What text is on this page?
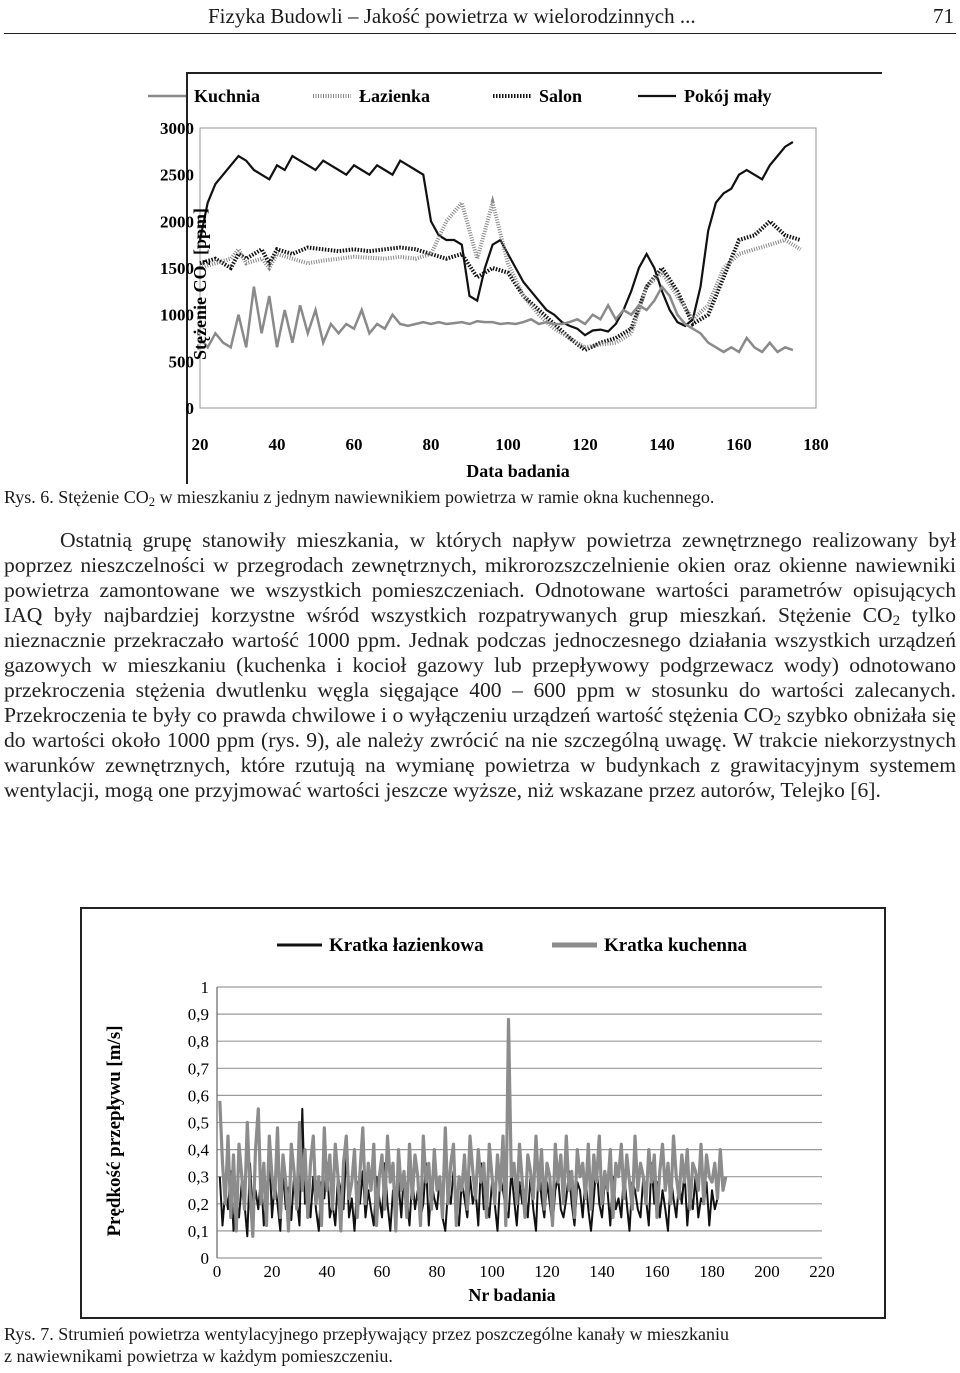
Fizyka Budowli – Jakość powietrza w wielorodzinnych ...	71
0
500
1000
1500
2000
2500
3000
20	40	60	80	100	120	140	160	180
Kuchnia	Łazienka	Salon	Pokój mały
Stężenie $CO_2$ [ppm]
Data badania
Rys. 6. Stężenie $CO_2$ w mieszkaniu z jednym nawiewnikiem powietrza w ramie okna kuchennego.

Ostatnią grupę stanowiły mieszkania, w których napływ powietrza zewnętrznego realizowany był poprzez nieszczelności w przegrodach zewnętrznych, mikrorozszczelnienie okien oraz okienne nawiewniki powietrza zamontowane we wszystkich pomieszczeniach. Odnotowane wartości parametrów opisujących IAQ były najbardziej korzystne wśród wszystkich rozpatrywanych grup mieszkań. Stężenie $CO_2$ tylko nieznacznie przekraczało wartość 1000 ppm. Jednak podczas jednoczesnego działania wszystkich urządzeń gazowych w mieszkaniu (kuchenka i kocioł gazowy lub przepływowy podgrzewacz wody) odnotowano przekroczenia stężenia dwutlenku węgla sięgające 400 – 600 ppm w stosunku do wartości zalecanych. Przekroczenia te były co prawda chwilowe i o wyłączeniu urządzeń wartość stężenia $CO_2$ szybko obniżała się do wartości około 1000 ppm (rys. 9), ale należy zwrócić na nie szczególną uwagę. W trakcie niekorzystnych warunków zewnętrznych, które rzutują na wymianę powietrza w budynkach z grawitacyjnym systemem wentylacji, mogą one przyjmować wartości jeszcze wyższe, niż wskazane przez autorów, Telejko [6].

0
0,1
0,2
0,3
0,4
0,5
0,6
0,7
0,8
0,9
1
0 20 40 60 80 100 120 140 160 180 200 220
Kratka łazienkowa	Kratka kuchenna
Prędkość przepływu [m/s]
Nr badania
Rys. 7. Strumień powietrza wentylacyjnego przepływający przez poszczególne kanały w mieszkaniu
z nawiewnikami powietrza w każdym pomieszczeniu.
